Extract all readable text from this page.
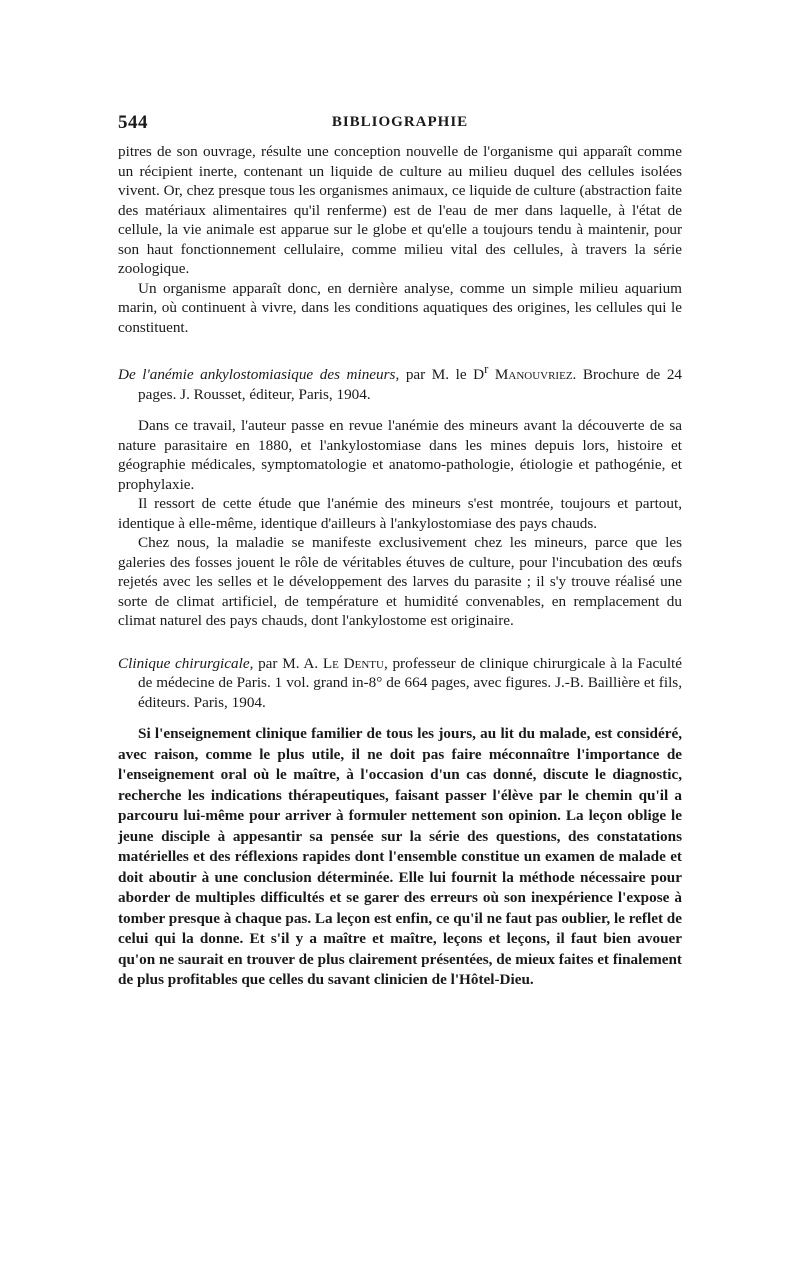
544	BIBLIOGRAPHIE

pitres de son ouvrage, résulte une conception nouvelle de l'organisme qui apparaît comme un récipient inerte, contenant un liquide de culture au milieu duquel des cellules isolées vivent. Or, chez presque tous les organismes animaux, ce liquide de culture (abstraction faite des matériaux alimentaires qu'il renferme) est de l'eau de mer dans laquelle, à l'état de cellule, la vie animale est apparue sur le globe et qu'elle a toujours tendu à maintenir, pour son haut fonctionnement cellulaire, comme milieu vital des cellules, à travers la série zoologique.

Un organisme apparaît donc, en dernière analyse, comme un simple milieu aquarium marin, où continuent à vivre, dans les conditions aquatiques des origines, les cellules qui le constituent.

De l'anémie ankylostomiasique des mineurs, par M. le $D^r$ Manouvriez. Brochure de 24 pages. J. Rousset, éditeur, Paris, 1904.

Dans ce travail, l'auteur passe en revue l'anémie des mineurs avant la découverte de sa nature parasitaire en 1880, et l'ankylostomiase dans les mines depuis lors, histoire et géographie médicales, symptomatologie et anatomo-pathologie, étiologie et pathogénie, et prophylaxie.

Il ressort de cette étude que l'anémie des mineurs s'est montrée, toujours et partout, identique à elle-même, identique d'ailleurs à l'ankylostomiase des pays chauds.

Chez nous, la maladie se manifeste exclusivement chez les mineurs, parce que les galeries des fosses jouent le rôle de véritables étuves de culture, pour l'incubation des œufs rejetés avec les selles et le développement des larves du parasite ; il s'y trouve réalisé une sorte de climat artificiel, de température et humidité convenables, en remplacement du climat naturel des pays chauds, dont l'ankylostome est originaire.

Clinique chirurgicale, par M. A. Le Dentu, professeur de clinique chirurgicale à la Faculté de médecine de Paris. 1 vol. grand in-8° de 664 pages, avec figures. J.-B. Baillière et fils, éditeurs. Paris, 1904.

Si l'enseignement clinique familier de tous les jours, au lit du malade, est considéré, avec raison, comme le plus utile, il ne doit pas faire méconnaître l'importance de l'enseignement oral où le maître, à l'occasion d'un cas donné, discute le diagnostic, recherche les indications thérapeutiques, faisant passer l'élève par le chemin qu'il a parcouru lui-même pour arriver à formuler nettement son opinion. La leçon oblige le jeune disciple à appesantir sa pensée sur la série des questions, des constatations matérielles et des réflexions rapides dont l'ensemble constitue un examen de malade et doit aboutir à une conclusion déterminée. Elle lui fournit la méthode nécessaire pour aborder de multiples difficultés et se garer des erreurs où son inexpérience l'expose à tomber presque à chaque pas. La leçon est enfin, ce qu'il ne faut pas oublier, le reflet de celui qui la donne. Et s'il y a maître et maître, leçons et leçons, il faut bien avouer qu'on ne saurait en trouver de plus clairement présentées, de mieux faites et finalement de plus profitables que celles du savant clinicien de l'Hôtel-Dieu.
